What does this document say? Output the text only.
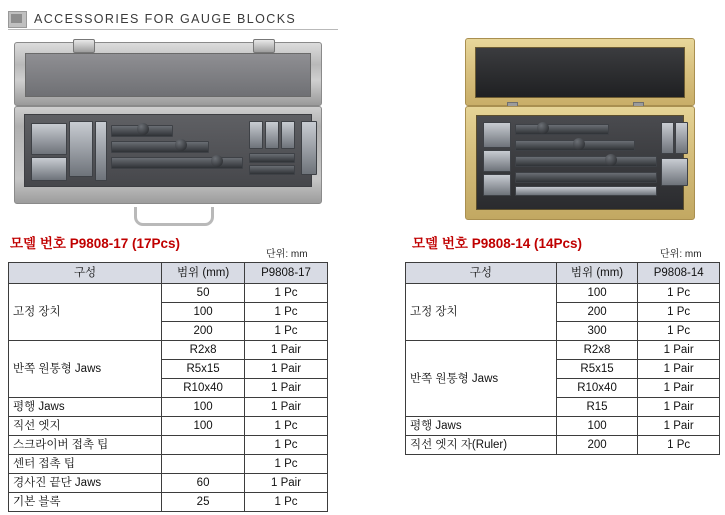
ACCESSORIES FOR GAUGE BLOCKS
모델 번호 P9808-17 (17Pcs)
단위: mm
모델 번호 P9808-14 (14Pcs)
단위: mm
구성	범위 (mm)	P9808-17
고정 장치	50	1 Pc
	100	1 Pc
	200	1 Pc
반쪽 원통형 Jaws	R2x8	1 Pair
	R5x15	1 Pair
	R10x40	1 Pair
평행 Jaws	100	1 Pair
직선 엣지	100	1 Pc
스크라이버 접촉 팁		1 Pc
센터 접촉 팁		1 Pc
경사진 끝단 Jaws	60	1 Pair
기본 블록	25	1 Pc
구성	범위 (mm)	P9808-14
고정 장치	100	1 Pc
	200	1 Pc
	300	1 Pc
반쪽 원통형 Jaws	R2x8	1 Pair
	R5x15	1 Pair
	R10x40	1 Pair
	R15	1 Pair
평행 Jaws	100	1 Pair
직선 엣지 자(Ruler)	200	1 Pc
